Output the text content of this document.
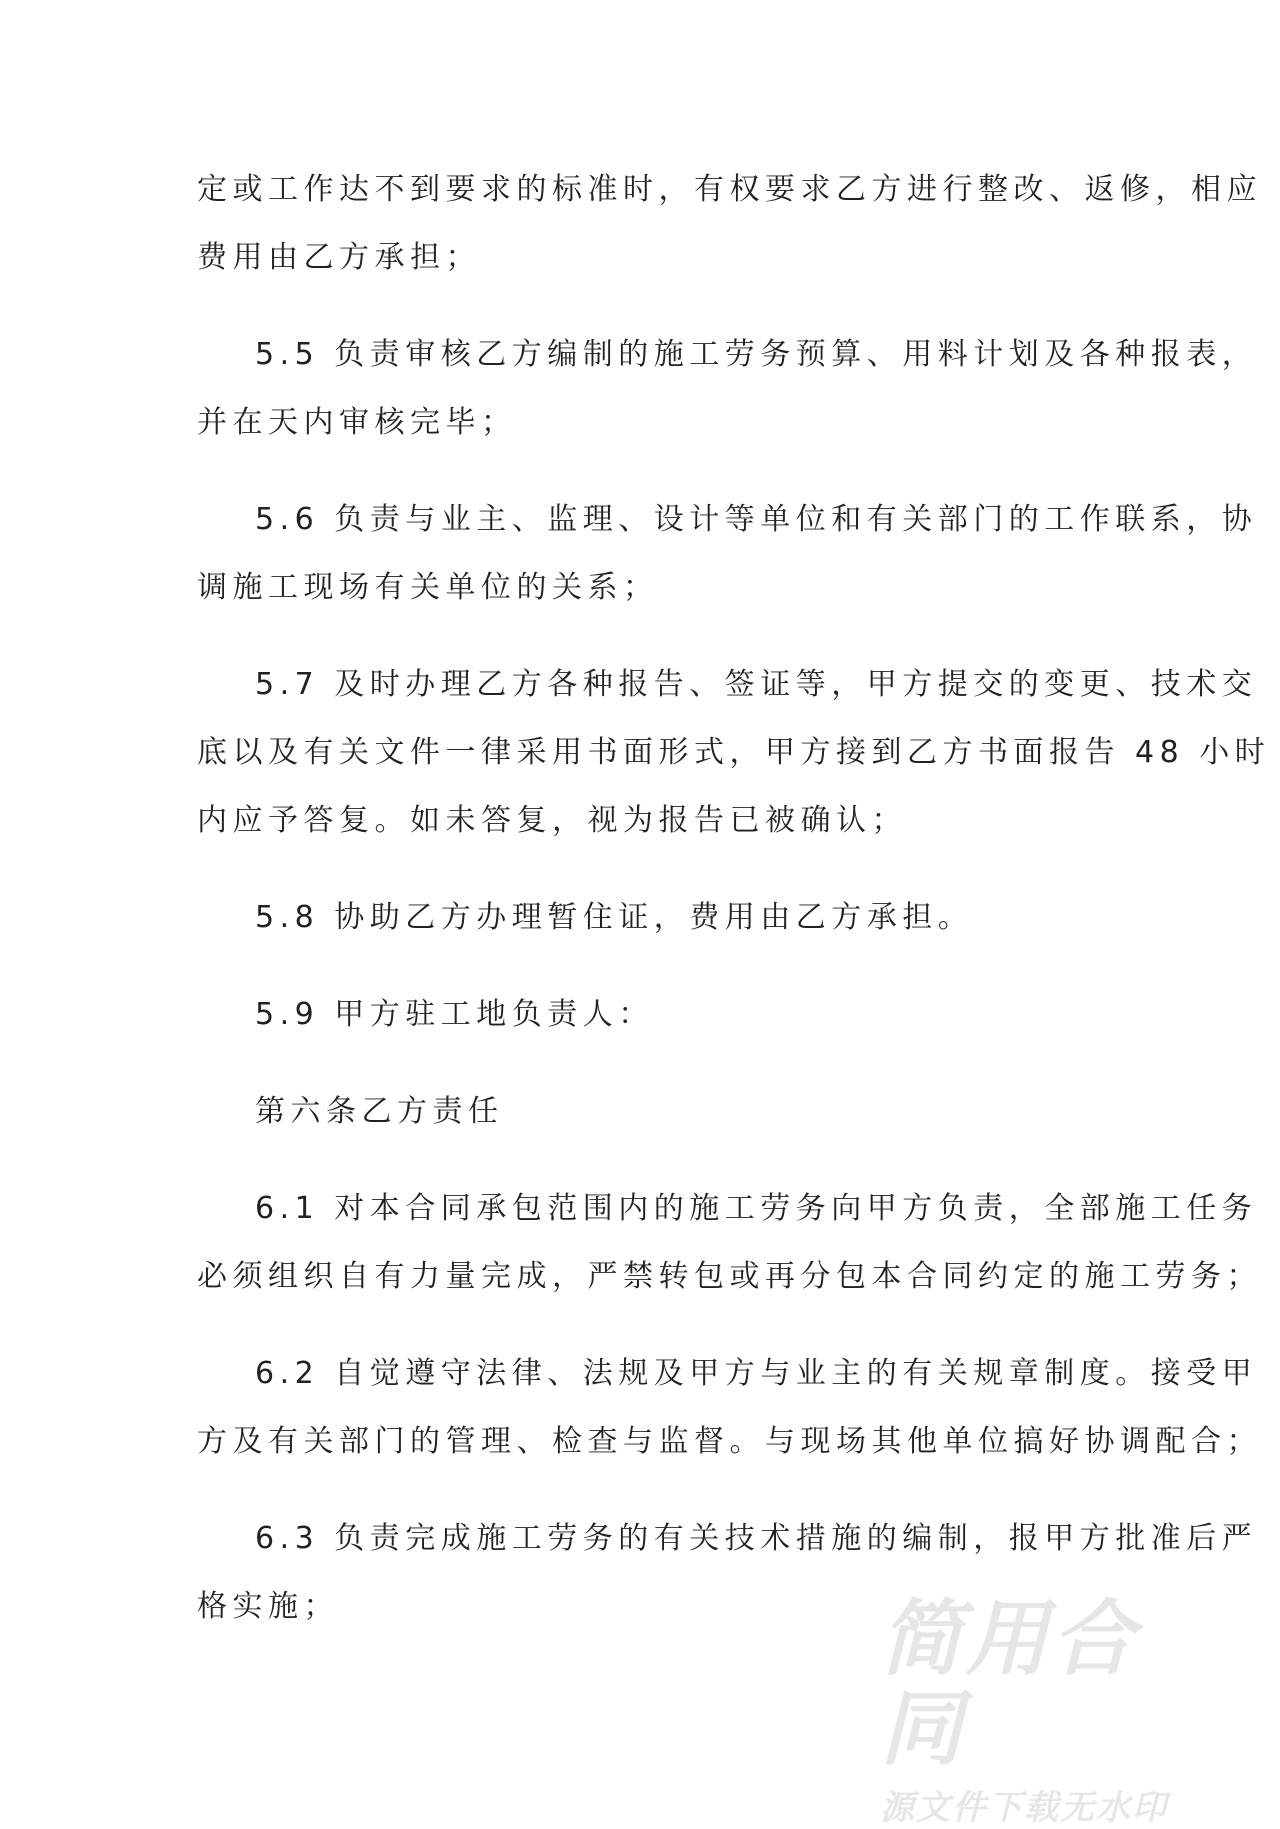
定或工作达不到要求的标准时，有权要求乙方进行整改、返修，相应
费用由乙方承担；
5.5 负责审核乙方编制的施工劳务预算、用料计划及各种报表，
并在天内审核完毕；
5.6 负责与业主、监理、设计等单位和有关部门的工作联系，协
调施工现场有关单位的关系；
5.7 及时办理乙方各种报告、签证等，甲方提交的变更、技术交
底以及有关文件一律采用书面形式，甲方接到乙方书面报告 48 小时
内应予答复。如未答复，视为报告已被确认；
5.8 协助乙方办理暂住证，费用由乙方承担。
5.9 甲方驻工地负责人：
第六条乙方责任
6.1 对本合同承包范围内的施工劳务向甲方负责，全部施工任务
必须组织自有力量完成，严禁转包或再分包本合同约定的施工劳务；
6.2 自觉遵守法律、法规及甲方与业主的有关规章制度。接受甲
方及有关部门的管理、检查与监督。与现场其他单位搞好协调配合；
6.3 负责完成施工劳务的有关技术措施的编制，报甲方批准后严
格实施；	简用合同
源文件下载无水印
